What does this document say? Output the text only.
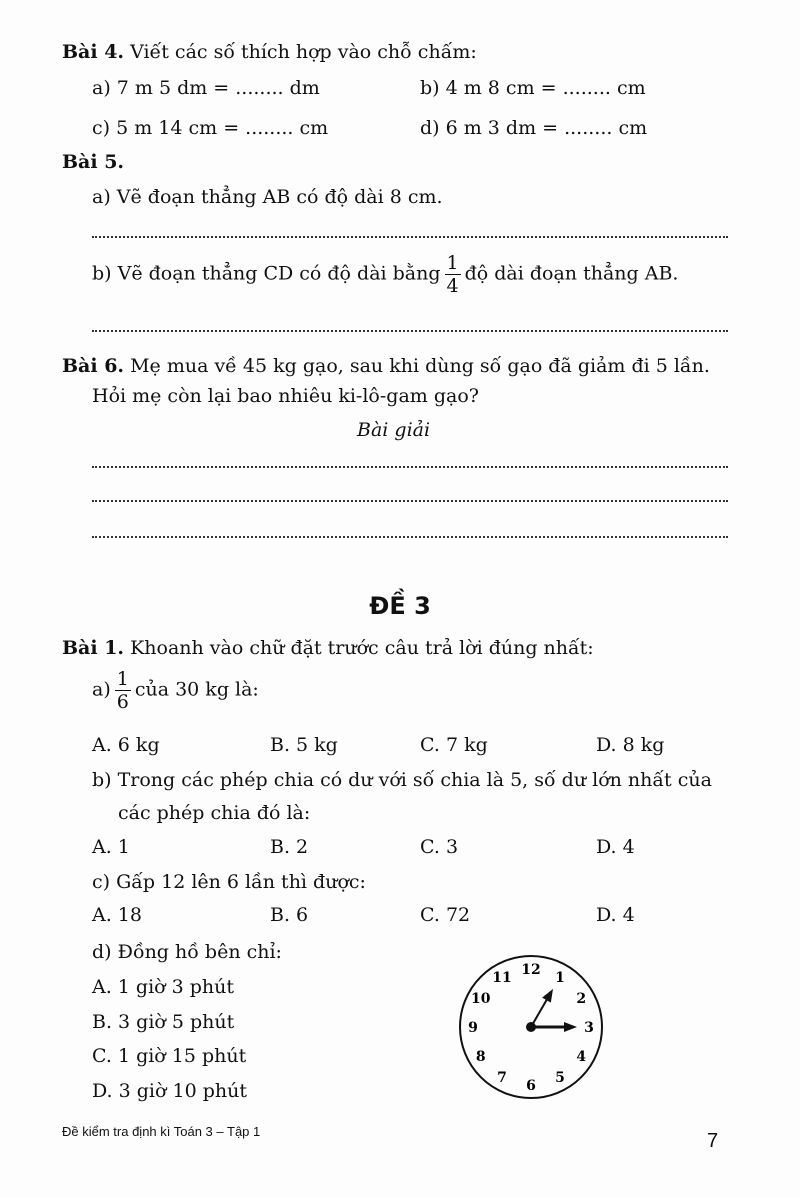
Bài 4. Viết các số thích hợp vào chỗ chấm:
a) 7 m 5 dm = ........ dm	b) 4 m 8 cm = ........ cm
c) 5 m 14 cm = ........ cm	d) 6 m 3 dm = ........ cm
Bài 5.
a) Vẽ đoạn thẳng AB có độ dài 8 cm.
b) Vẽ đoạn thẳng CD có độ dài bằng $\frac{1}{4}$ độ dài đoạn thẳng AB.
Bài 6. Mẹ mua về 45 kg gạo, sau khi dùng số gạo đã giảm đi 5 lần.
Hỏi mẹ còn lại bao nhiêu ki-lô-gam gạo?
Bài giải
ĐỀ 3
Bài 1. Khoanh vào chữ đặt trước câu trả lời đúng nhất:
$a) \frac{1}{6}$ của 30 kg là:
A. 6 kg	B. 5 kg	C. 7 kg	D. 8 kg
b) Trong các phép chia có dư với số chia là 5, số dư lớn nhất của
các phép chia đó là:
A. 1	B. 2	C. 3	D. 4
c) Gấp 12 lên 6 lần thì được:
A. 18	B. 6	C. 72	D. 4
d) Đồng hồ bên chỉ:
A. 1 giờ 3 phút
B. 3 giờ 5 phút
C. 1 giờ 15 phút
D. 3 giờ 10 phút
12 1
2
3
4
5
6
7
8
9
10
11
Đề kiểm tra định kì Toán 3 – Tập 1	7
